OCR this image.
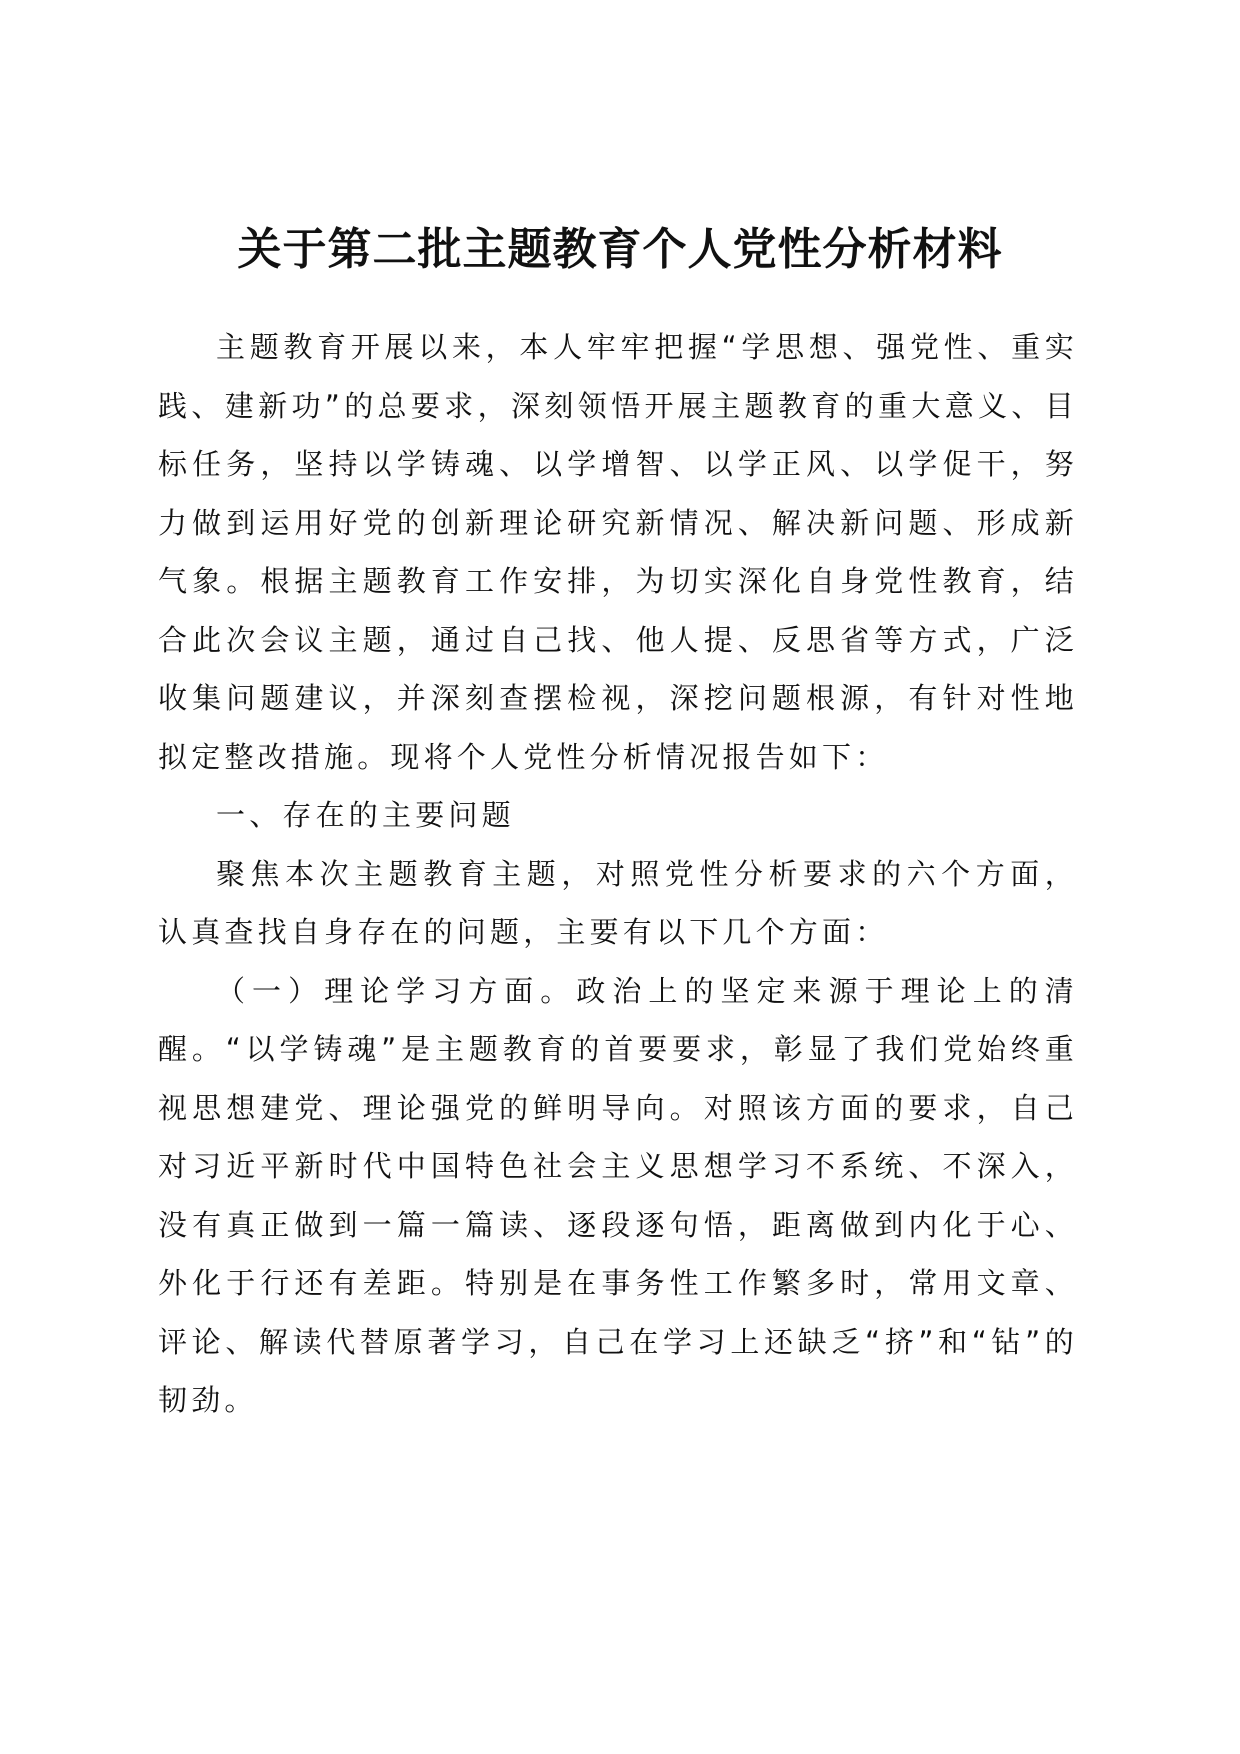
关于第二批主题教育个人党性分析材料

主题教育开展以来，本人牢牢把握“学思想、强党性、重实践、建新功”的总要求，深刻领悟开展主题教育的重大意义、目标任务，坚持以学铸魂、以学增智、以学正风、以学促干，努力做到运用好党的创新理论研究新情况、解决新问题、形成新气象。根据主题教育工作安排，为切实深化自身党性教育，结合此次会议主题，通过自己找、他人提、反思省等方式，广泛收集问题建议，并深刻查摆检视，深挖问题根源，有针对性地拟定整改措施。现将个人党性分析情况报告如下：

一、存在的主要问题

聚焦本次主题教育主题，对照党性分析要求的六个方面，认真查找自身存在的问题，主要有以下几个方面：

（一）理论学习方面。政治上的坚定来源于理论上的清醒。“以学铸魂”是主题教育的首要要求，彰显了我们党始终重视思想建党、理论强党的鲜明导向。对照该方面的要求，自己对习近平新时代中国特色社会主义思想学习不系统、不深入，没有真正做到一篇一篇读、逐段逐句悟，距离做到内化于心、外化于行还有差距。特别是在事务性工作繁多时，常用文章、评论、解读代替原著学习，自己在学习上还缺乏“挤”和“钻”的韧劲。
